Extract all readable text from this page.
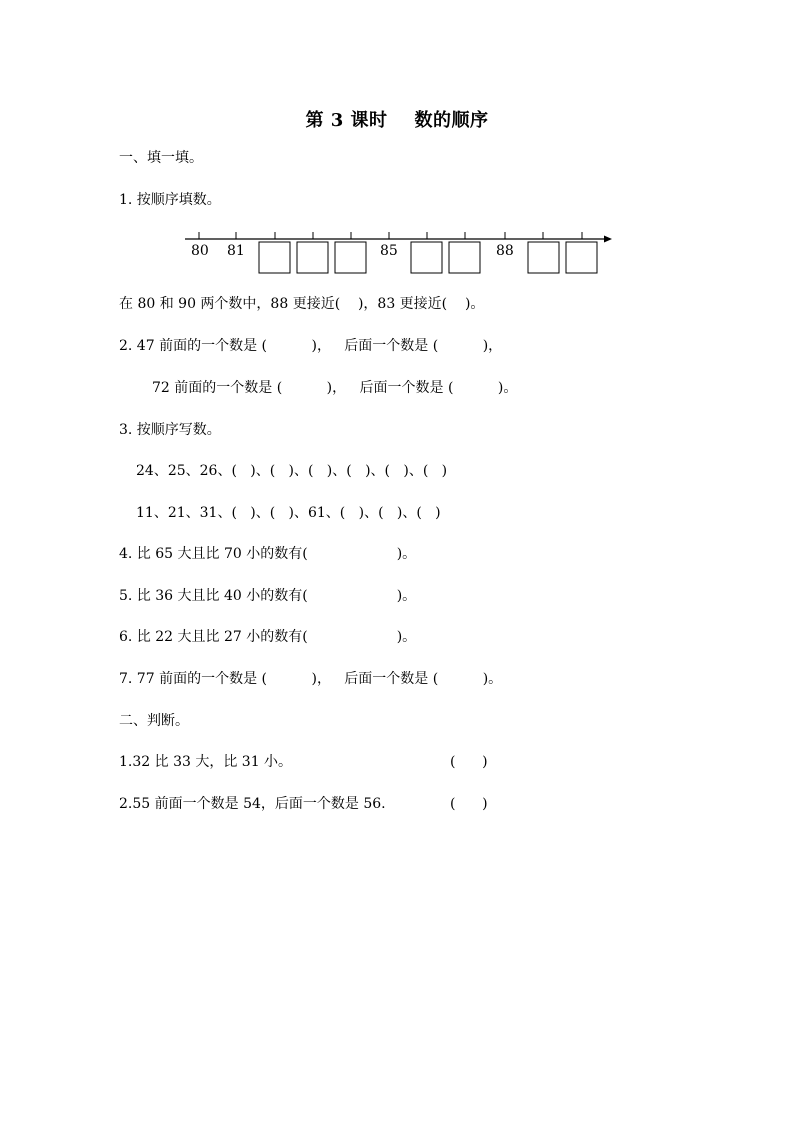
第 3 课时    数的顺序
一、填一填。
1. 按顺序填数。
80 81	85	88
在 80 和 90 两个数中，88 更接近(    )，83 更接近(    )。
2. 47 前面的一个数是 (          )，   后面一个数是 (          )，
72 前面的一个数是 (          )，   后面一个数是 (          )。
3. 按顺序写数。
24、25、26、(   )、(   )、(   )、(   )、(   )、(   )
11、21、31、(   )、(   )、61、(   )、(   )、(   )
4. 比 65 大且比 70 小的数有(                    )。
5. 比 36 大且比 40 小的数有(                    )。
6. 比 22 大且比 27 小的数有(                    )。
7. 77 前面的一个数是 (          )，   后面一个数是 (          )。
二、判断。
1.32 比 33 大，比 31 小。	(      )
2.55 前面一个数是 54，后面一个数是 56.	(      )
